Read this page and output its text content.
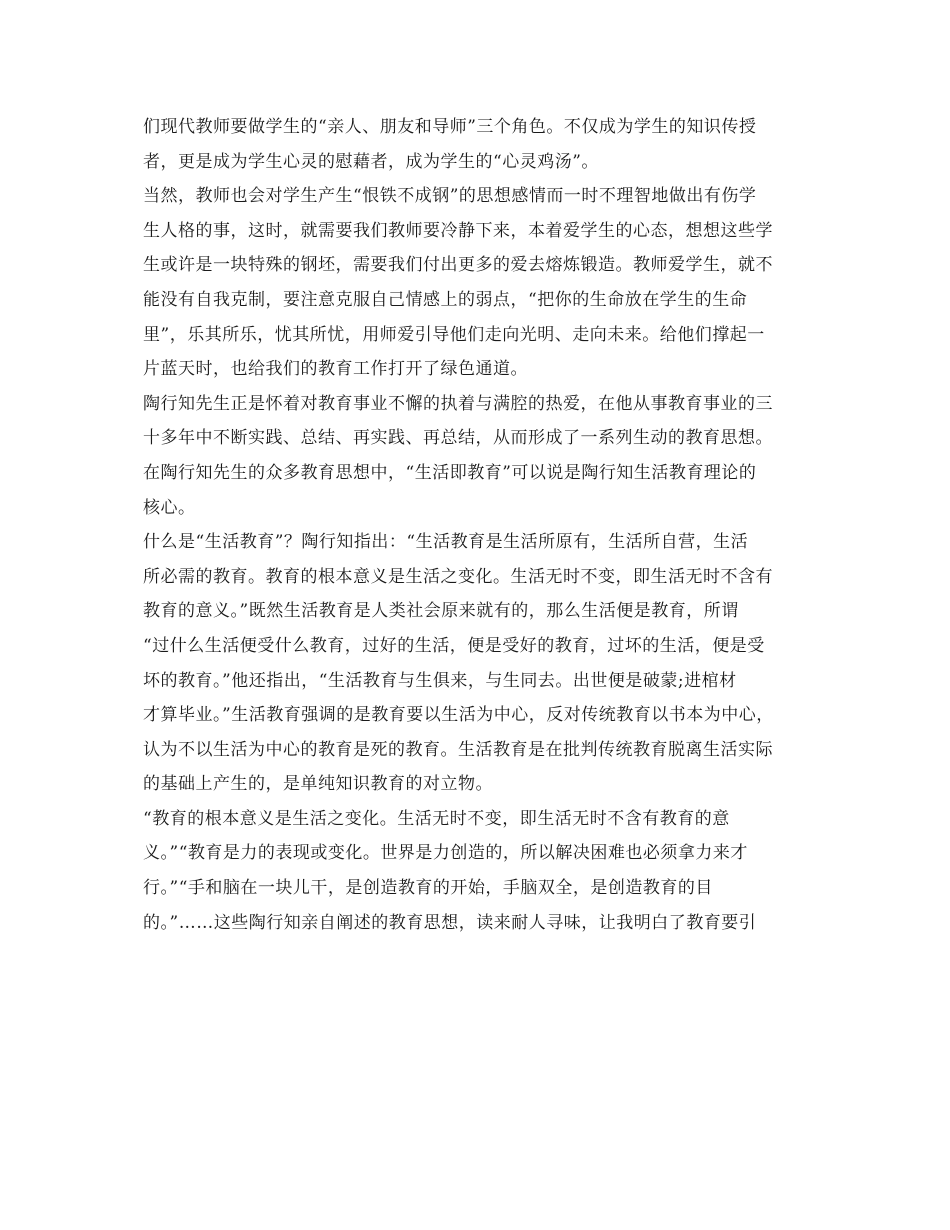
们现代教师要做学生的“亲人、朋友和导师”三个角色。不仅成为学生的知识传授
者，更是成为学生心灵的慰藉者，成为学生的“心灵鸡汤”。
当然，教师也会对学生产生“恨铁不成钢”的思想感情而一时不理智地做出有伤学
生人格的事，这时，就需要我们教师要冷静下来，本着爱学生的心态，想想这些学
生或许是一块特殊的钢坯，需要我们付出更多的爱去熔炼锻造。教师爱学生，就不
能没有自我克制，要注意克服自己情感上的弱点，“把你的生命放在学生的生命
里”，乐其所乐，忧其所忧，用师爱引导他们走向光明、走向未来。给他们撑起一
片蓝天时，也给我们的教育工作打开了绿色通道。
陶行知先生正是怀着对教育事业不懈的执着与满腔的热爱，在他从事教育事业的三
十多年中不断实践、总结、再实践、再总结，从而形成了一系列生动的教育思想。
在陶行知先生的众多教育思想中，“生活即教育”可以说是陶行知生活教育理论的
核心。
什么是“生活教育”？陶行知指出：“生活教育是生活所原有，生活所自营，生活
所必需的教育。教育的根本意义是生活之变化。生活无时不变，即生活无时不含有
教育的意义。”既然生活教育是人类社会原来就有的，那么生活便是教育，所谓
“过什么生活便受什么教育，过好的生活，便是受好的教育，过坏的生活，便是受
坏的教育。”他还指出，“生活教育与生俱来，与生同去。出世便是破蒙;进棺材
才算毕业。”生活教育强调的是教育要以生活为中心，反对传统教育以书本为中心，
认为不以生活为中心的教育是死的教育。生活教育是在批判传统教育脱离生活实际
的基础上产生的，是单纯知识教育的对立物。
“教育的根本意义是生活之变化。生活无时不变，即生活无时不含有教育的意
义。”“教育是力的表现或变化。世界是力创造的，所以解决困难也必须拿力来才
行。”“手和脑在一块儿干，是创造教育的开始，手脑双全，是创造教育的目
的。”……这些陶行知亲自阐述的教育思想，读来耐人寻味，让我明白了教育要引
